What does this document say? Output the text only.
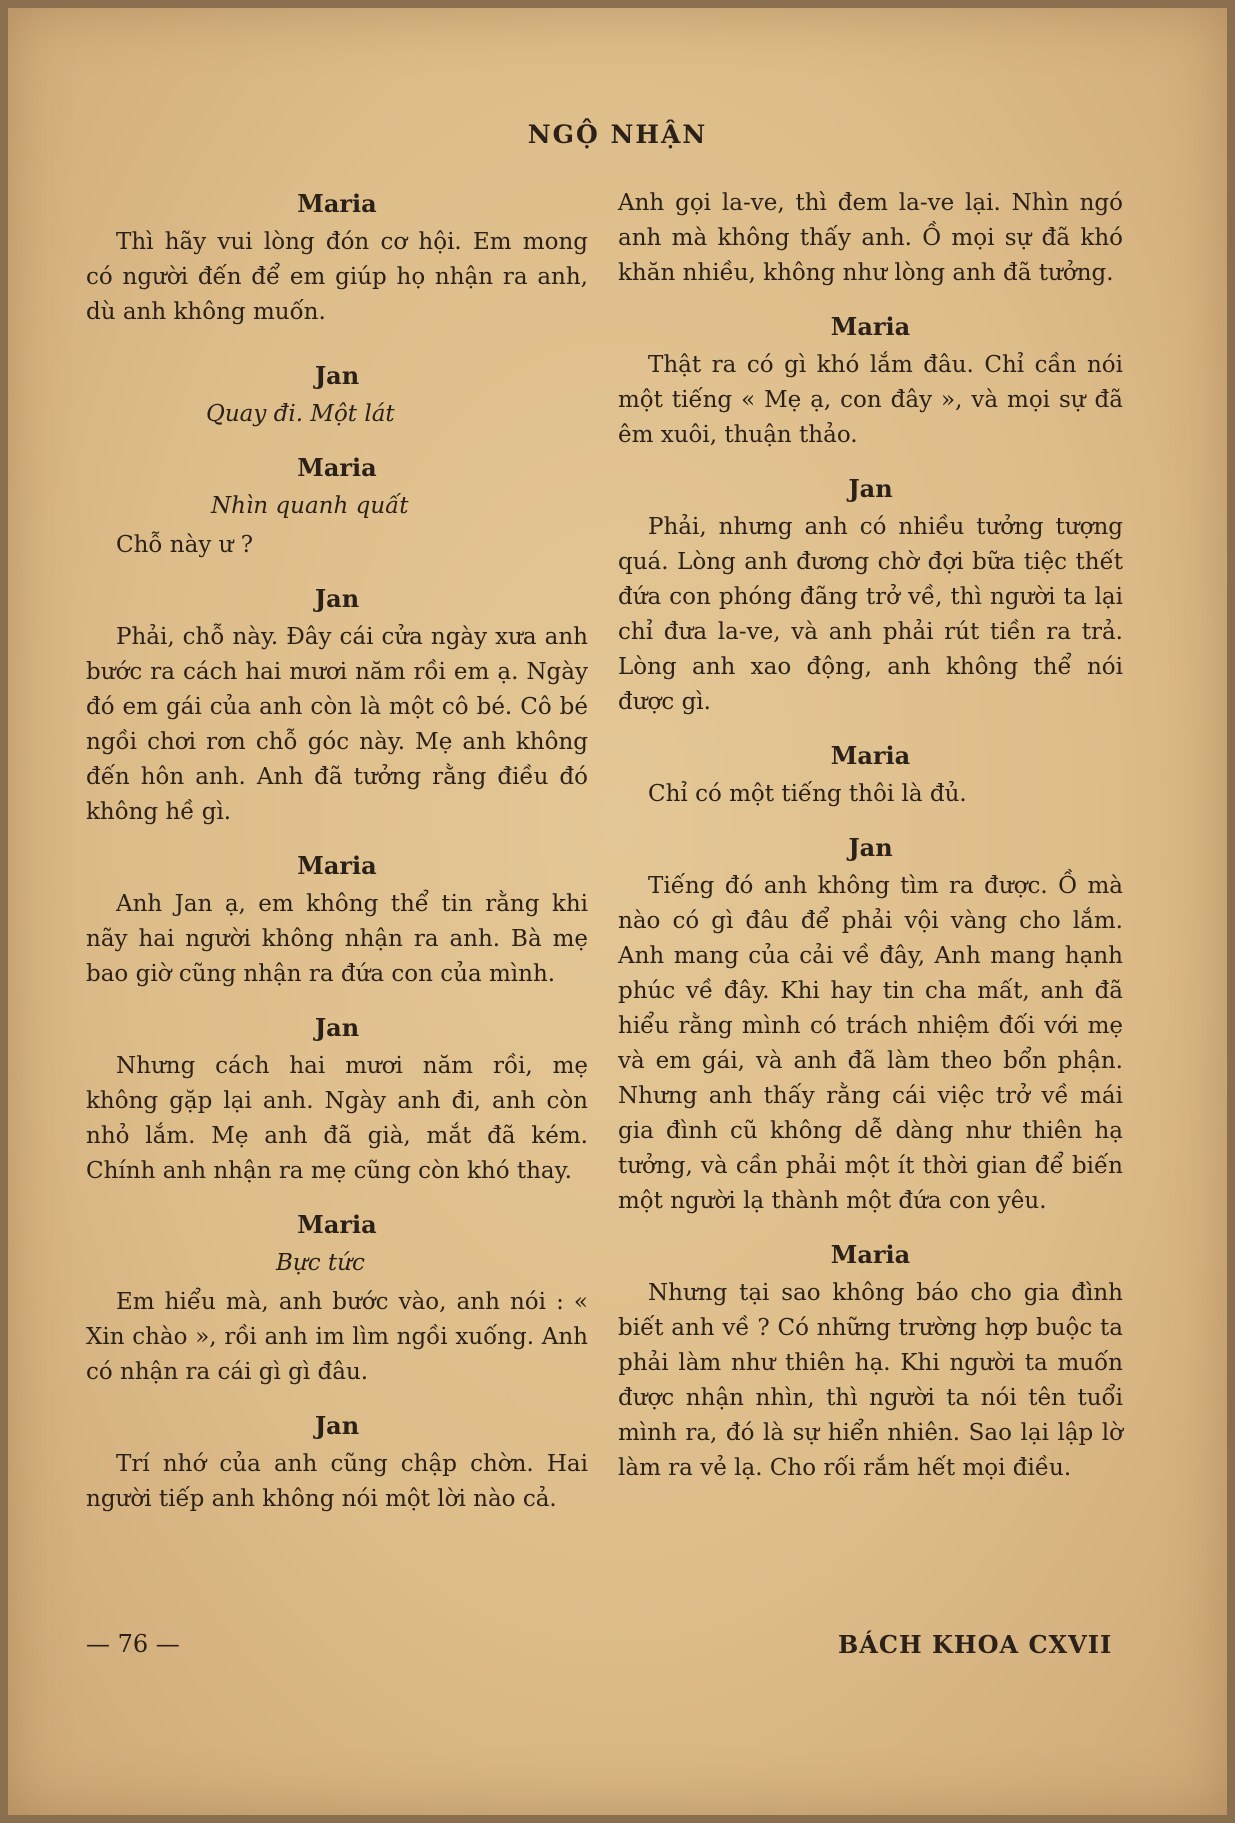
NGỘ NHẬN
Maria

Thì hãy vui lòng đón cơ hội. Em mong có người đến để em giúp họ nhận ra anh, dù anh không muốn.

Jan

Quay đi. Một lát

Maria

Nhìn quanh quất

Chỗ này ư ?

Jan

Phải, chỗ này. Đây cái cửa ngày xưa anh bước ra cách hai mươi năm rồi em ạ. Ngày đó em gái của anh còn là một cô bé. Cô bé ngồi chơi rơn chỗ góc này. Mẹ anh không đến hôn anh. Anh đã tưởng rằng điều đó không hề gì.

Maria

Anh Jan ạ, em không thể tin rằng khi nãy hai người không nhận ra anh. Bà mẹ bao giờ cũng nhận ra đứa con của mình.

Jan

Nhưng cách hai mươi năm rồi, mẹ không gặp lại anh. Ngày anh đi, anh còn nhỏ lắm. Mẹ anh đã già, mắt đã kém. Chính anh nhận ra mẹ cũng còn khó thay.

Maria

Bực tức

Em hiểu mà, anh bước vào, anh nói : « Xin chào », rồi anh im lìm ngồi xuống. Anh có nhận ra cái gì gì đâu.

Jan

Trí nhớ của anh cũng chập chờn. Hai người tiếp anh không nói một lời nào cả.

Anh gọi la-ve, thì đem la-ve lại. Nhìn ngó anh mà không thấy anh. Ồ mọi sự đã khó khăn nhiều, không như lòng anh đã tưởng.

Maria

Thật ra có gì khó lắm đâu. Chỉ cần nói một tiếng « Mẹ ạ, con đây », và mọi sự đã êm xuôi, thuận thảo.

Jan

Phải, nhưng anh có nhiều tưởng tượng quá. Lòng anh đương chờ đợi bữa tiệc thết đứa con phóng đãng trở về, thì người ta lại chỉ đưa la-ve, và anh phải rút tiền ra trả. Lòng anh xao động, anh không thể nói được gì.

Maria

Chỉ có một tiếng thôi là đủ.

Jan

Tiếng đó anh không tìm ra được. Ồ mà nào có gì đâu để phải vội vàng cho lắm. Anh mang của cải về đây, Anh mang hạnh phúc về đây. Khi hay tin cha mất, anh đã hiểu rằng mình có trách nhiệm đối với mẹ và em gái, và anh đã làm theo bổn phận. Nhưng anh thấy rằng cái việc trở về mái gia đình cũ không dễ dàng như thiên hạ tưởng, và cần phải một ít thời gian để biến một người lạ thành một đứa con yêu.

Maria

Nhưng tại sao không báo cho gia đình biết anh về ? Có những trường hợp buộc ta phải làm như thiên hạ. Khi người ta muốn được nhận nhìn, thì người ta nói tên tuổi mình ra, đó là sự hiển nhiên. Sao lại lập lờ làm ra vẻ lạ. Cho rối rắm hết mọi điều.

— 76 —	BÁCH KHOA CXVII
